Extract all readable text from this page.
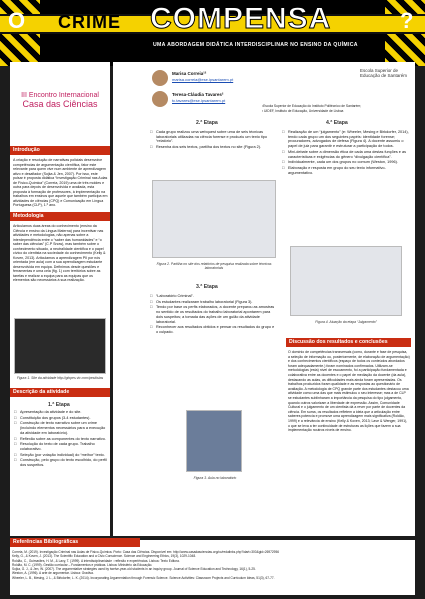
O CRIME COMPENSA	?
UMA ABORDAGEM DIDÁTICA INTERDISCIPLINAR NO ENSINO DA QUÍMICA
III Encontro Internacional
Casa das Ciências
Introdução
A criação e resolução de narrativas policiais desenvolve competências de argumentação científica, fator este relevante para quem vive num ambiente de aprendizagem ativo e desafiador (Sojka & Jen, 2007). Por isso, este pulsar é proposta didática “Investigação Criminal nas Aulas de Físico-Química” (Correia, 2019) uma de três moldes e outra para depois de desenvolvida e avaliada, esta proposta à formação de professores, à implementação na trabalhos em ensinos que aquele que também participa em atividades de ciências (CPQ) e Comunicação em Língua Portuguesa (CLP), 1.º ano.
Metodologia
Articulamos duas áreas do conhecimento (ensino da Ciência e ensino da Língua Materna) para incentivar nas atividades e metodologias, não apenas sobre a interdependência entre o “saber das humanidades” e “o saber das ciências” (C.P Snow), mas também sobre o conhecimento situado, a neutralidade científica e o papel cívico do cientista na sociedade do conhecimento (Kelly & Koven, 2013). Articulamos a aprendizagem PII por nós orientada (em aula) com a sua aprendizagem estudante desenvolvida em equipa. Definimos desde questões e ferramentas e uma cela (fig. 1) com territórios sobre as tarefas e realizar a equipa para as equipas que os elementos são necessários à sua realização.
Figura 1. Site da atividade http://glopes.vic.com/peskistas
Descrição da atividade
Marisa Correia¹²
marisa.correia@ese.ipsantarem.pt
Teresa-Cláudia Tavares²
tc.tavares@ese.ipsantarem.pt
¹Escola Superior de Educação do Instituto Politécnico de Santarém;
² UIDEF, Instituto de Educação, Universidade de Lisboa
Escola Superior de Educação de Santarém
1.ª Etapa
□ Apresentação da atividade e do site.
□ Constituição dos grupos (3-4 estudantes).
□ Construção de texto narrativo sobre um crime (incluindo elementos necessários para a execução da atividade em laboratório).
□ Reflexão sobre as componentes do texto narrativo.
□ Resolução do texto de cada grupo. Trabalho colaborativo.
□ Seleção (por votação individual) do “melhor” texto.
□ Construção, pelo grupo do texto escolhido, do perfil dos suspeitos.
2.ª Etapa
□ Cada grupo realizou uma webquest sobre uma de seis técnicas laboratoriais utilizadas na ciência forense e produziu um texto tipo “relatório”.
□ Resenha dos seis textos, partilha dos textos no site (Figura 2).
Figura 2. Partilha no site dos relatórios de pesquisa realizada sobre técnicas laboratoriais
3.ª Etapa
□ “Laboratório Criminal”.
□ Os estudantes realizaram trabalho laboratorial (Figura 3).
□ Tendo por base os perfis elaborados, a docente preparou as amostras no sentido de os resultados do trabalho laboratorial apontarem para dois suspeitos; a tomada das ações de um guião da atividade laboratorial.
□ Reconhecer aos resultados obtidos e pensar os resultados do grupo e o culpado.
Figura 3. Aula no laboratório
4.ª Etapa
□ Realização de um “julgamento” (e: Wheeler, Mesing e Birkdorfer, 2014), tendo cada grupo um dos seguintes papéis: identidade forense; procuradores, advogados de defesa (Figura 4). A docente assumiu o papel de juiz para garantir e estruturar a participação de todos.
□ Mini-debate sobre a dimensão ética de cada uma destas funções e as características e exigências do gênero “divulgação científica”.
□ Individualmente, cada um dos grupos no comum (Weston, 1996).
□ Elaboração e resposta em grupo do seu texto informativo-argumentativo.
Figura 4. Atuação da etapa “Julgamento”
Discussão dos resultados e conclusões
O domínio de competências transversais (como, durante e fase de pesquisa, a seleção de informação ou, posteriormente, de elaboração de argumentação) e dos conhecimentos científicos (espaço de todos os conteúdos abordados foram adequadamente.) foram nominados confirmados. Utilizam-se metodologias (esta) nível de escoamento, foi a participação fundamentada e colaborativa entre as docentes e o papel de mediação da docente (da aula), destacando as aulas, as dificuldades mais ainda foram apresentadas. Os trabalhos produzidos foram qualidade e as respostas ao questionário de avaliação. A metodologia de CPQ grande parte dos estudantes destacou uma atividade como uma das que mais estimulou o seu interesse; mas a de CLP se estudantes sublinharam a importância da pesquisa do tipo julgamento, quando outros valorizam a liberdade de expressão. Assim, Comunidade Cultural e o julgamento de um cientista dá a rever por parte de docentes da ciência. Em suma, os resultados refletem a ideia que a articulação entre saberes potencia e promove uma aprendizagem mais significativa (Roldão, 1999) e a relevância de ensino (Kelly & Koven, 2013; Lave & Wenger, 1991), o que se leva a ter continuidade de estruturas as lições que fazem a sua implementação noutros níveis de ensino.
Referências Bibliográficas
Correia, M. (2019). Investigação Criminal nas Aulas de Físico-Química. Porto: Casa das Ciências. Disponível em: http://www.casadasciencias.org/cc/redalinks.php?idart=300&gid=26972956
Kelly, G., & Koven, J. (2013). The Scientific Education and a Civic Conscience. Science and Engineering Ethics, 19(3), 1029-1048.
Roldão, C., Guimarães, H. M., & Lavy, T. (1999). A interdisciplinaridade : reflexão e experiências. Lisboa: Texto Editora.
Roldão, M. C. (1999). Gestão curricular – Fundamentos e práticas. Lisboa: Ministério da Educação.
Sojka, G. J., & Jen, W. (2007). The argumentative strategies used by twelve-year-old students in an inquiry group. Journal of Science Education and Technology, 16(1), 5-25.
Weston, A. (1996). A arte de argumentar. Lisboa: Gradiva.
Wheeler, L. B., Mesing, J. L., & Birkdorfer, L. K. (2014). Incorporating Argumentation through Forensic Science. Science Activities: Classroom Projects and Curriculum Ideas, 51(3), 67-77.
